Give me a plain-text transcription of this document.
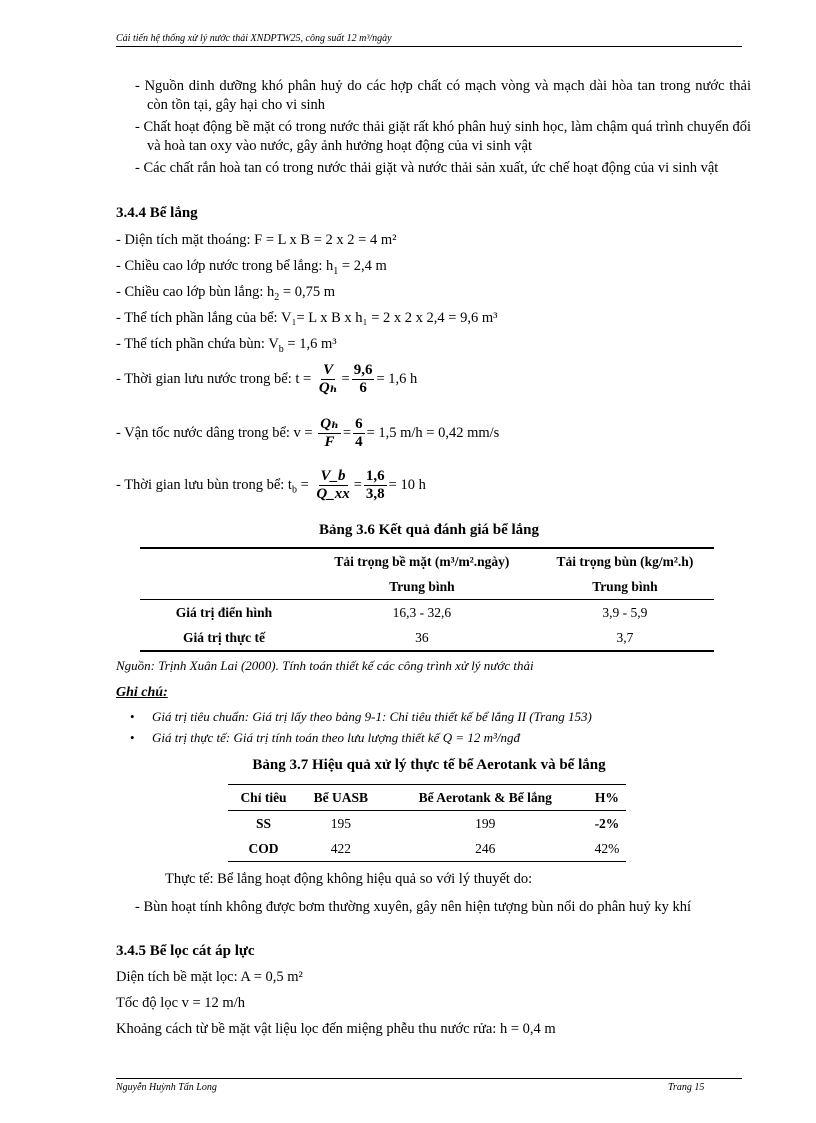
Cải tiến hệ thống xử lý nước thải XNDPTW25, công suất 12 m³/ngày
- Nguồn dinh dưỡng khó phân huỷ do các hợp chất có mạch vòng và mạch dài hòa tan trong nước thải còn tồn tại, gây hại cho vi sinh
- Chất hoạt động bề mặt có trong nước thải giặt rất khó phân huỷ sinh học, làm chậm quá trình chuyển đổi và hoà tan oxy vào nước, gây ảnh hưởng hoạt động của vi sinh vật
- Các chất rắn hoà tan có trong nước thải giặt và nước thải sản xuất, ức chế hoạt động của vi sinh vật
3.4.4 Bể lắng
- Diện tích mặt thoáng: F = L x B = 2 x 2 = 4 m²
- Chiều cao lớp nước trong bể lắng: $h_1 = 2,4$ m
- Chiều cao lớp bùn lắng: $h_2 = 0,75$ m
- Thể tích phần lắng của bể: V₁= L x B x h₁ = 2 x 2 x 2,4 = 9,6 m³
- Thể tích phần chứa bùn: $V_b = 1,6$ m³
- Thời gian lưu nước trong bể: $t = \frac{V}{\text{Qₕ}} = \frac{9,6}{6} = 1,6$ h
- Vận tốc nước dâng trong bể: $v = \frac{\text{Qₕ}}{F} = \frac{6}{4} = 1,5$ m/h = 0,42 mm/s
- Thời gian lưu bùn trong bể: $t_b = \frac{V\_b}{Q\_xx} = \frac{1,6}{3,8} = 10$ h
Bảng 3.6 Kết quả đánh giá bể lắng
	Tải trọng bề mặt (m³/m².ngày)	Tải trọng bùn (kg/m².h)
	Trung bình	Trung bình
Giá trị điển hình	16,3 - 32,6	3,9 - 5,9
Giá trị thực tế	36	3,7
Nguồn: Trịnh Xuân Lai (2000). Tính toán thiết kế các công trình xử lý nước thải
Ghi chú:
• Giá trị tiêu chuẩn: Giá trị lấy theo bảng 9-1: Chỉ tiêu thiết kế bể lắng II (Trang 153)
• Giá trị thực tế: Giá trị tính toán theo lưu lượng thiết kế Q = 12 m³/ngđ
Bảng 3.7 Hiệu quả xử lý thực tế bể Aerotank và bể lắng
Chỉ tiêu	Bể UASB	Bể Aerotank & Bể lắng	H%
SS	195	199	-2%
COD	422	246	42%
Thực tế: Bể lắng hoạt động không hiệu quả so với lý thuyết do:
- Bùn hoạt tính không được bơm thường xuyên, gây nên hiện tượng bùn nổi do phân huỷ ky khí
3.4.5 Bể lọc cát áp lực
Diện tích bề mặt lọc: A = 0,5 m²
Tốc độ lọc v = 12 m/h
Khoảng cách từ bề mặt vật liệu lọc đến miệng phễu thu nước rửa: h = 0,4 m
Nguyễn Huỳnh Tấn Long	Trang 15
